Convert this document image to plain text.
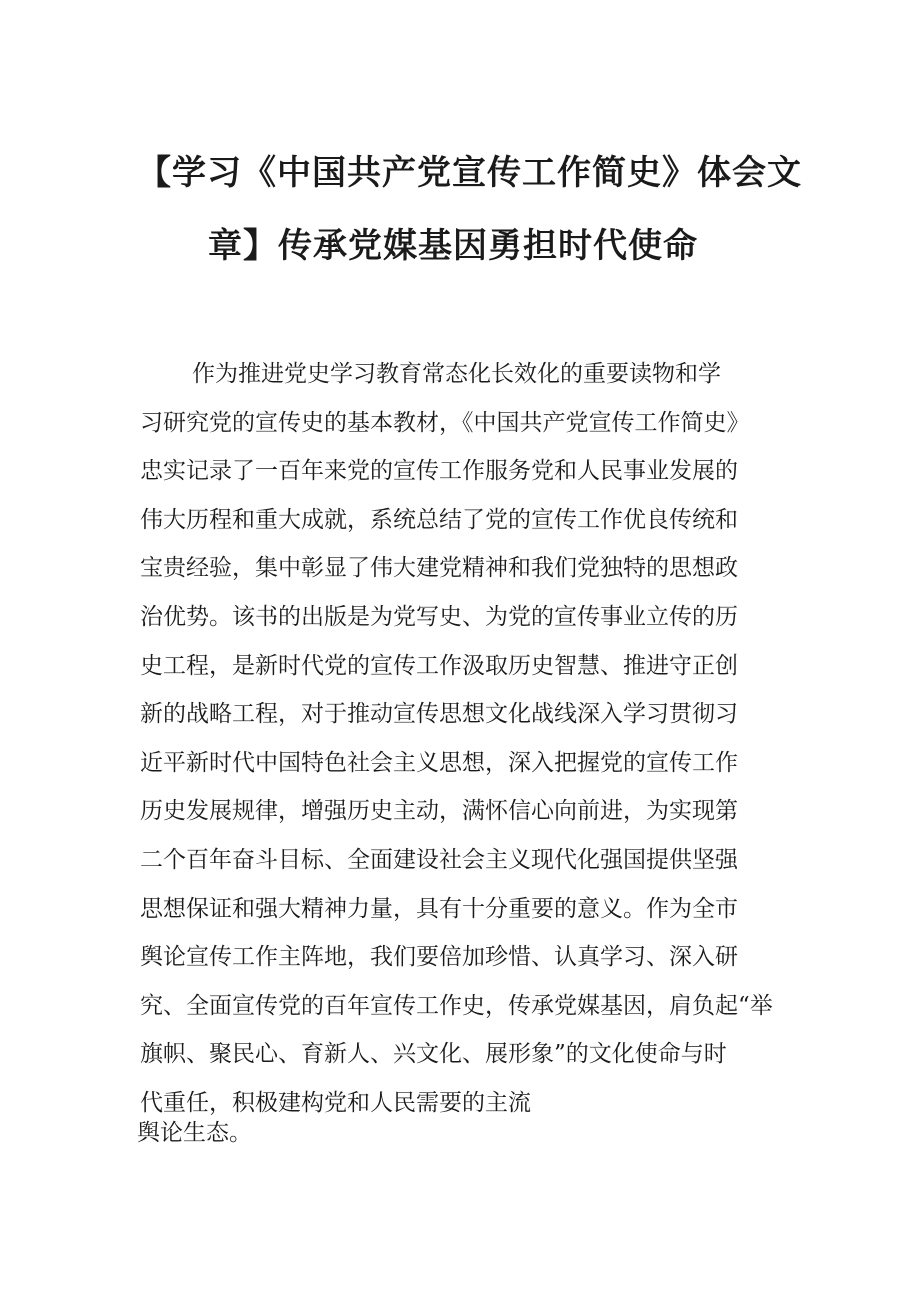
【学习《中国共产党宣传工作简史》体会文
章】传承党媒基因勇担时代使命
作为推进党史学习教育常态化长效化的重要读物和学
习研究党的宣传史的基本教材，《中国共产党宣传工作简史》
忠实记录了一百年来党的宣传工作服务党和人民事业发展的
伟大历程和重大成就，系统总结了党的宣传工作优良传统和
宝贵经验，集中彰显了伟大建党精神和我们党独特的思想政
治优势。该书的出版是为党写史、为党的宣传事业立传的历
史工程，是新时代党的宣传工作汲取历史智慧、推进守正创
新的战略工程，对于推动宣传思想文化战线深入学习贯彻习
近平新时代中国特色社会主义思想，深入把握党的宣传工作
历史发展规律，增强历史主动，满怀信心向前进，为实现第
二个百年奋斗目标、全面建设社会主义现代化强国提供坚强
思想保证和强大精神力量，具有十分重要的意义。作为全市
舆论宣传工作主阵地，我们要倍加珍惜、认真学习、深入研
究、全面宣传党的百年宣传工作史，传承党媒基因，肩负起“举
旗帜、聚民心、育新人、兴文化、展形象”的文化使命与时
代重任，积极建构党和人民需要的主流
舆论生态。
